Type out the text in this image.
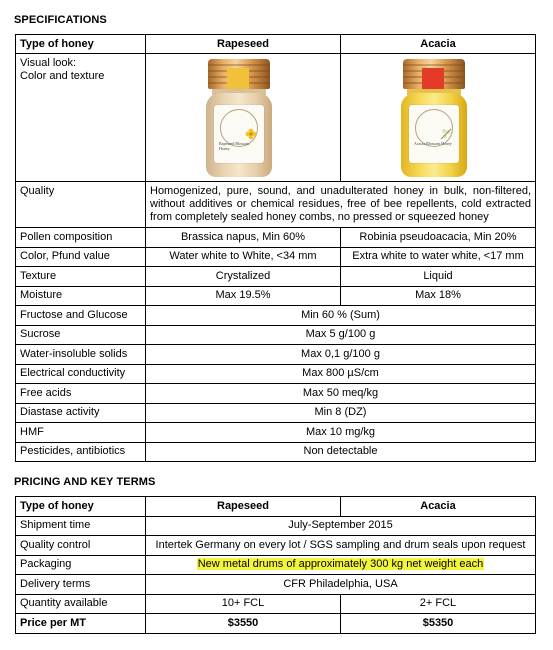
SPECIFICATIONS
Type of honey	Rapeseed	Acacia

Visual look:
Color and texture	Rapeseed Blossom Honey	Acacia Blossom Honey

Quality	Homogenized, pure, sound, and unadulterated honey in bulk, non-filtered, without additives or chemical residues, free of bee repellents, cold extracted from completely sealed honey combs, no pressed or squeezed honey	
Pollen composition	Brassica napus, Min 60%	Robinia pseudoacacia, Min 20%
Color, Pfund value	Water white to White, <34 mm	Extra white to water white, <17 mm
Texture	Crystalized	Liquid
Moisture	Max 19.5%	Max 18%
Fructose and Glucose	Min 60 % (Sum)	
Sucrose	Max 5 g/100 g	
Water-insoluble solids	Max 0,1 g/100 g	
Electrical conductivity	Max 800 µS/cm	
Free acids	Max 50 meq/kg	
Diastase activity	Min 8 (DZ)	
HMF	Max 10 mg/kg	
Pesticides, antibiotics	Non detectable	
PRICING AND KEY TERMS
Type of honey	Rapeseed	Acacia
Shipment time	July-September 2015	
Quality control	Intertek Germany on every lot / SGS sampling and drum seals upon request	
Packaging	New metal drums of approximately 300 kg net weight each	
Delivery terms	CFR Philadelphia, USA	
Quantity available	10+ FCL	2+ FCL
Price per MT	$3550	$5350
